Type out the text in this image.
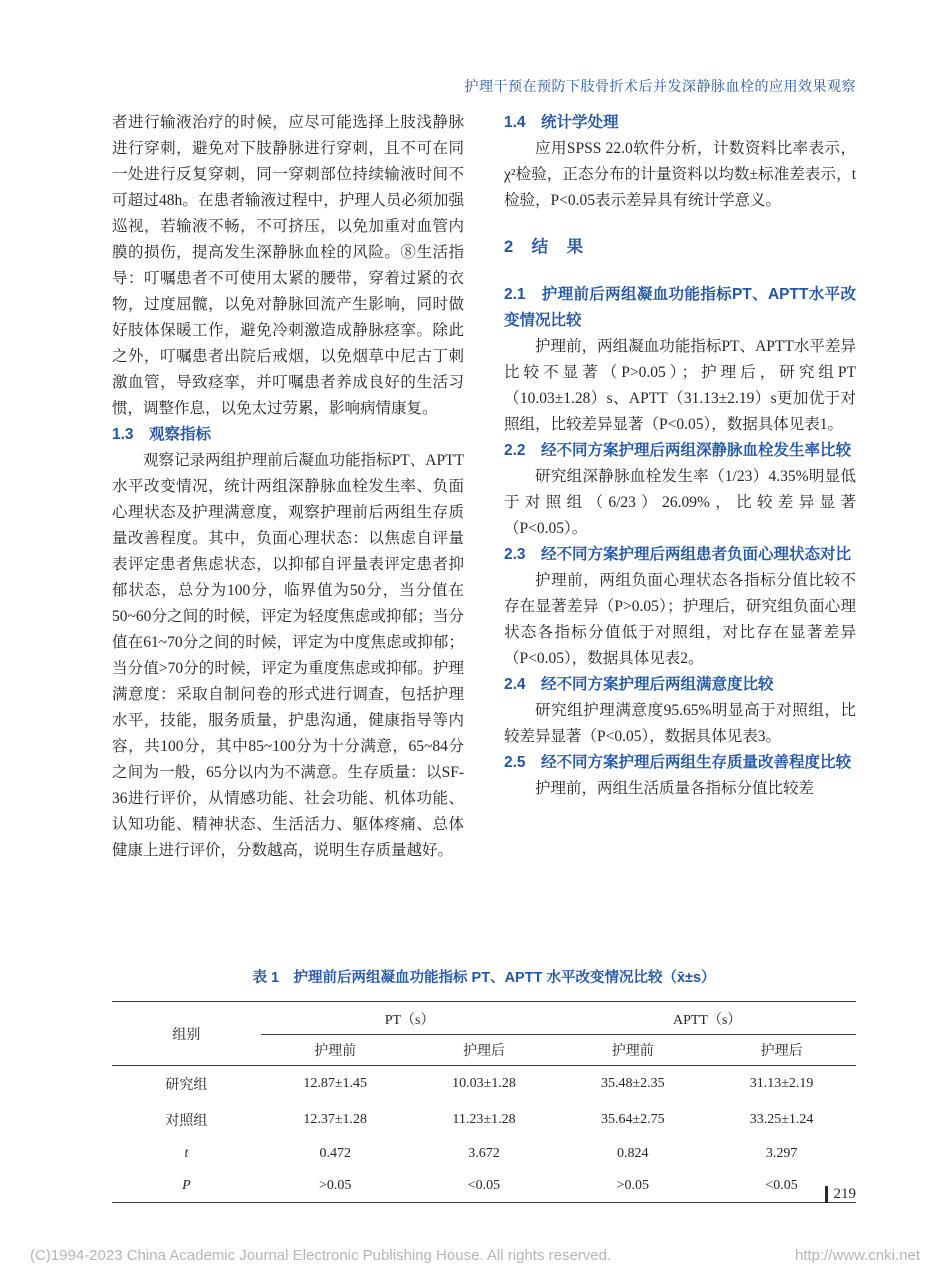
护理干预在预防下肢骨折术后并发深静脉血栓的应用效果观察

者进行输液治疗的时候，应尽可能选择上肢浅静脉进行穿刺，避免对下肢静脉进行穿刺，且不可在同一处进行反复穿刺，同一穿刺部位持续输液时间不可超过48h。在患者输液过程中，护理人员必须加强巡视，若输液不畅，不可挤压，以免加重对血管内膜的损伤，提高发生深静脉血栓的风险。⑧生活指导：叮嘱患者不可使用太紧的腰带，穿着过紧的衣物，过度屈髋，以免对静脉回流产生影响，同时做好肢体保暖工作，避免冷刺激造成静脉痉挛。除此之外，叮嘱患者出院后戒烟，以免烟草中尼古丁刺激血管，导致痉挛，并叮嘱患者养成良好的生活习惯，调整作息，以免太过劳累，影响病情康复。

1.3　观察指标

观察记录两组护理前后凝血功能指标PT、APTT水平改变情况，统计两组深静脉血栓发生率、负面心理状态及护理满意度，观察护理前后两组生存质量改善程度。其中，负面心理状态：以焦虑自评量表评定患者焦虑状态，以抑郁自评量表评定患者抑郁状态，总分为100分，临界值为50分，当分值在50~60分之间的时候，评定为轻度焦虑或抑郁；当分值在61~70分之间的时候，评定为中度焦虑或抑郁；当分值>70分的时候，评定为重度焦虑或抑郁。护理满意度：采取自制问卷的形式进行调查，包括护理水平，技能，服务质量，护患沟通，健康指导等内容，共100分，其中85~100分为十分满意，65~84分之间为一般，65分以内为不满意。生存质量：以SF-36进行评价，从情感功能、社会功能、机体功能、认知功能、精神状态、生活活力、躯体疼痛、总体健康上进行评价，分数越高，说明生存质量越好。

1.4　统计学处理

应用SPSS 22.0软件分析，计数资料比率表示，χ²检验，正态分布的计量资料以均数±标准差表示，t检验，P<0.05表示差异具有统计学意义。

2　结　果
2.1　护理前后两组凝血功能指标PT、APTT水平改变情况比较

护理前，两组凝血功能指标PT、APTT水平差异比较不显著（P>0.05）；护理后，研究组PT（10.03±1.28）s、APTT（31.13±2.19）s更加优于对照组，比较差异显著（P<0.05），数据具体见表1。

2.2　经不同方案护理后两组深静脉血栓发生率比较

研究组深静脉血栓发生率（1/23）4.35%明显低于对照组（6/23）26.09%，比较差异显著（P<0.05）。

2.3　经不同方案护理后两组患者负面心理状态对比

护理前，两组负面心理状态各指标分值比较不存在显著差异（P>0.05）；护理后，研究组负面心理状态各指标分值低于对照组，对比存在显著差异（P<0.05），数据具体见表2。

2.4　经不同方案护理后两组满意度比较

研究组护理满意度95.65%明显高于对照组，比较差异显著（P<0.05），数据具体见表3。

2.5　经不同方案护理后两组生存质量改善程度比较

护理前，两组生活质量各指标分值比较差

表 1　护理前后两组凝血功能指标 PT、APTT 水平改变情况比较（x̄±s）
组别	PT（s）		APTT（s）	
	护理前	护理后	护理前	护理后
研究组	12.87±1.45	10.03±1.28	35.48±2.35	31.13±2.19
对照组	12.37±1.28	11.23±1.28	35.64±2.75	33.25±1.24
t	0.472	3.672	0.824	3.297
P	>0.05	<0.05	>0.05	<0.05
219
(C)1994-2023 China Academic Journal Electronic Publishing House. All rights reserved.	http://www.cnki.net
